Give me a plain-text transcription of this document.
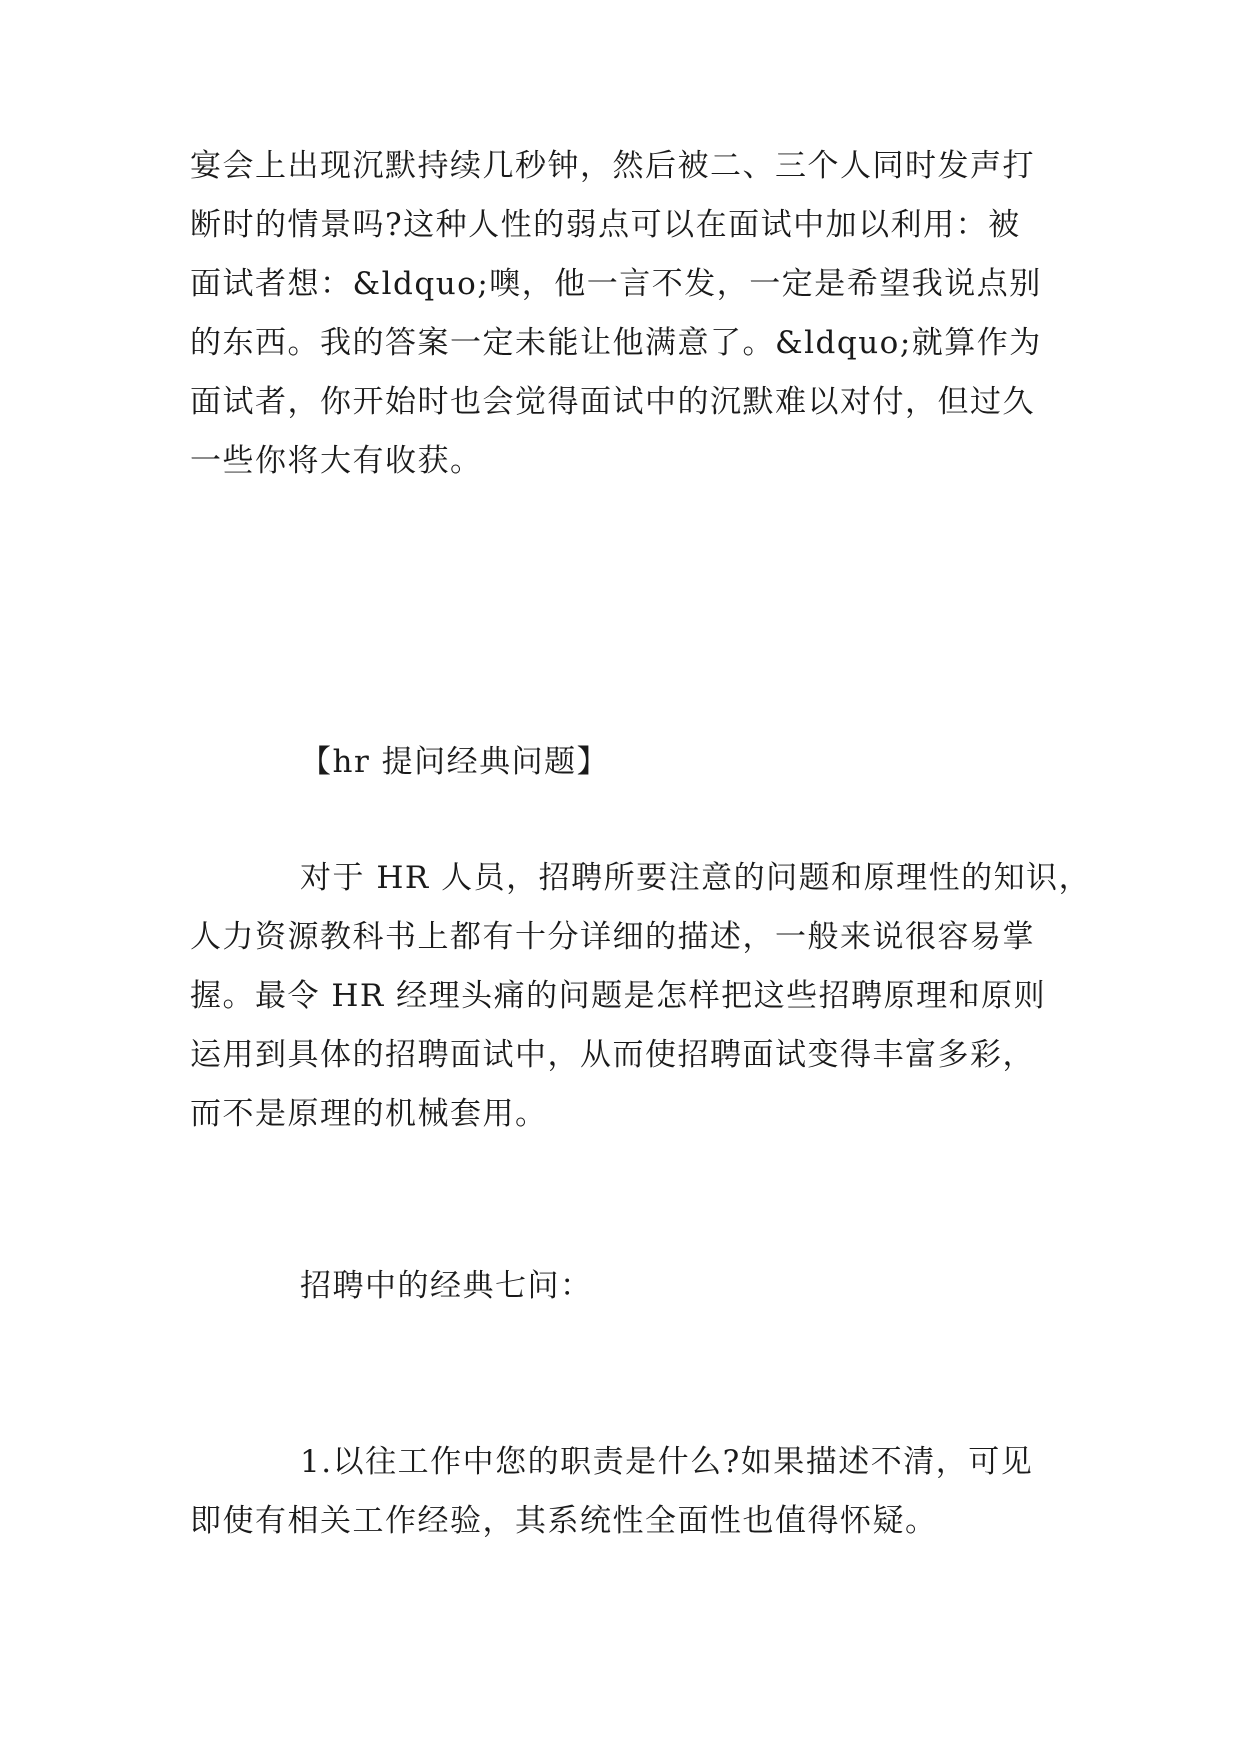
宴会上出现沉默持续几秒钟，然后被二、三个人同时发声打
断时的情景吗?这种人性的弱点可以在面试中加以利用：被
面试者想：&ldquo;噢，他一言不发，一定是希望我说点别
的东西。我的答案一定未能让他满意了。&ldquo;就算作为
面试者，你开始时也会觉得面试中的沉默难以对付，但过久
一些你将大有收获。
【hr 提问经典问题】
对于 HR 人员，招聘所要注意的问题和原理性的知识，
人力资源教科书上都有十分详细的描述，一般来说很容易掌
握。最令 HR 经理头痛的问题是怎样把这些招聘原理和原则
运用到具体的招聘面试中，从而使招聘面试变得丰富多彩，
而不是原理的机械套用。
招聘中的经典七问：
1.以往工作中您的职责是什么?如果描述不清，可见
即使有相关工作经验，其系统性全面性也值得怀疑。
